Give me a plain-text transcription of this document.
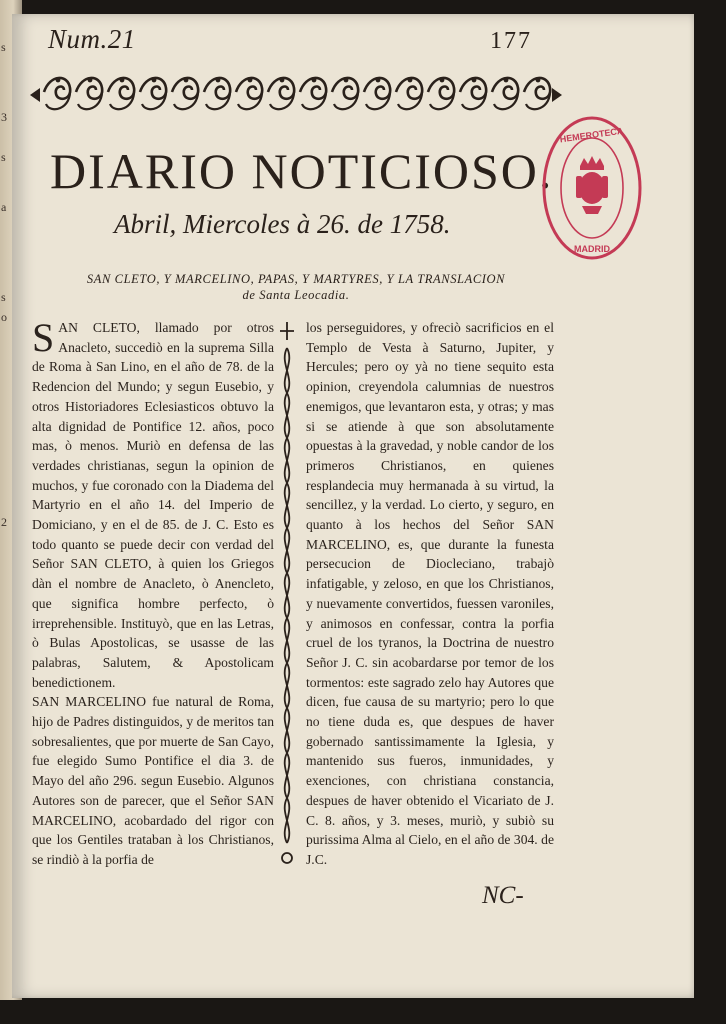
s
3
s
a
s
o
2
Num.21	177
DIARIO NOTICIOSO.
Abril, Miercoles à 26. de 1758.
HEMEROTECA
MADRID
SAN CLETO, Y MARCELINO, PAPAS, Y MARTYRES, Y LA TRANSLACION
de Santa Leocadia.

SAN CLETO, llamado por otros Anacleto, succediò en la suprema Silla de Roma à San Lino, en el año de 78. de la Redencion del Mundo; y segun Eusebio, y otros Historiadores Eclesiasticos obtuvo la alta dignidad de Pontifice 12. años, poco mas, ò menos. Muriò en defensa de las verdades christianas, segun la opinion de muchos, y fue coronado con la Diadema del Martyrio en el año 14. del Imperio de Domiciano, y en el de 85. de J. C. Esto es todo quanto se puede decir con verdad del Señor SAN CLETO, à quien los Griegos dàn el nombre de Anacleto, ò Anencleto, que significa hombre perfecto, ò irreprehensible. Instituyò, que en las Letras, ò Bulas Apostolicas, se usasse de las palabras, Salutem, & Apostolicam benedictionem.

SAN MARCELINO fue natural de Roma, hijo de Padres distinguidos, y de meritos tan sobresalientes, que por muerte de San Cayo, fue elegido Sumo Pontifice el dia 3. de Mayo del año 296. segun Eusebio. Algunos Autores son de parecer, que el Señor SAN MARCELINO, acobardado del rigor con que los Gentiles trataban à los Christianos, se rindiò à la porfia de

los perseguidores, y ofreciò sacrificios en el Templo de Vesta à Saturno, Jupiter, y Hercules; pero oy yà no tiene sequito esta opinion, creyendola calumnias de nuestros enemigos, que levantaron esta, y otras; y mas si se atiende à que son absolutamente opuestas à la gravedad, y noble candor de los primeros Christianos, en quienes resplandecia muy hermanada à su virtud, la sencillez, y la verdad. Lo cierto, y seguro, en quanto à los hechos del Señor SAN MARCELINO, es, que durante la funesta persecucion de Diocleciano, trabajò infatigable, y zeloso, en que los Christianos, y nuevamente convertidos, fuessen varoniles, y animosos en confessar, contra la porfia cruel de los tyranos, la Doctrina de nuestro Señor J. C. sin acobardarse por temor de los tormentos: este sagrado zelo hay Autores que dicen, fue causa de su martyrio; pero lo que no tiene duda es, que despues de haver gobernado santissimamente la Iglesia, y mantenido sus fueros, inmunidades, y exenciones, con christiana constancia, despues de haver obtenido el Vicariato de J. C. 8. años, y 3. meses, muriò, y subiò su purissima Alma al Cielo, en el año de 304. de J.C.

NC-
